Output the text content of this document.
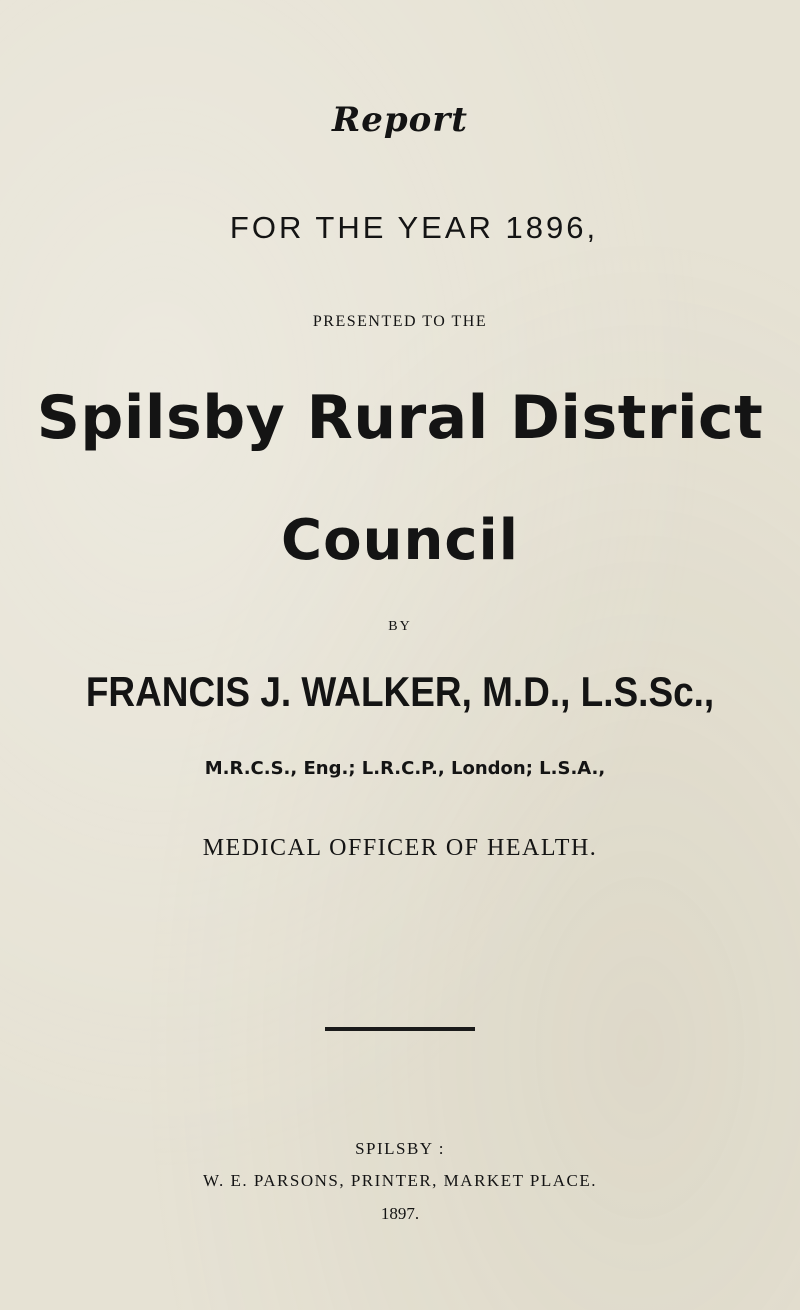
Report
FOR THE YEAR 1896,
PRESENTED TO THE
Spilsby Rural District
Council
BY
FRANCIS J. WALKER, M.D., L.S.Sc.,
M.R.C.S., Eng.; L.R.C.P., London; L.S.A.,
MEDICAL OFFICER OF HEALTH.
SPILSBY :
W. E. PARSONS, PRINTER, MARKET PLACE.
1897.
